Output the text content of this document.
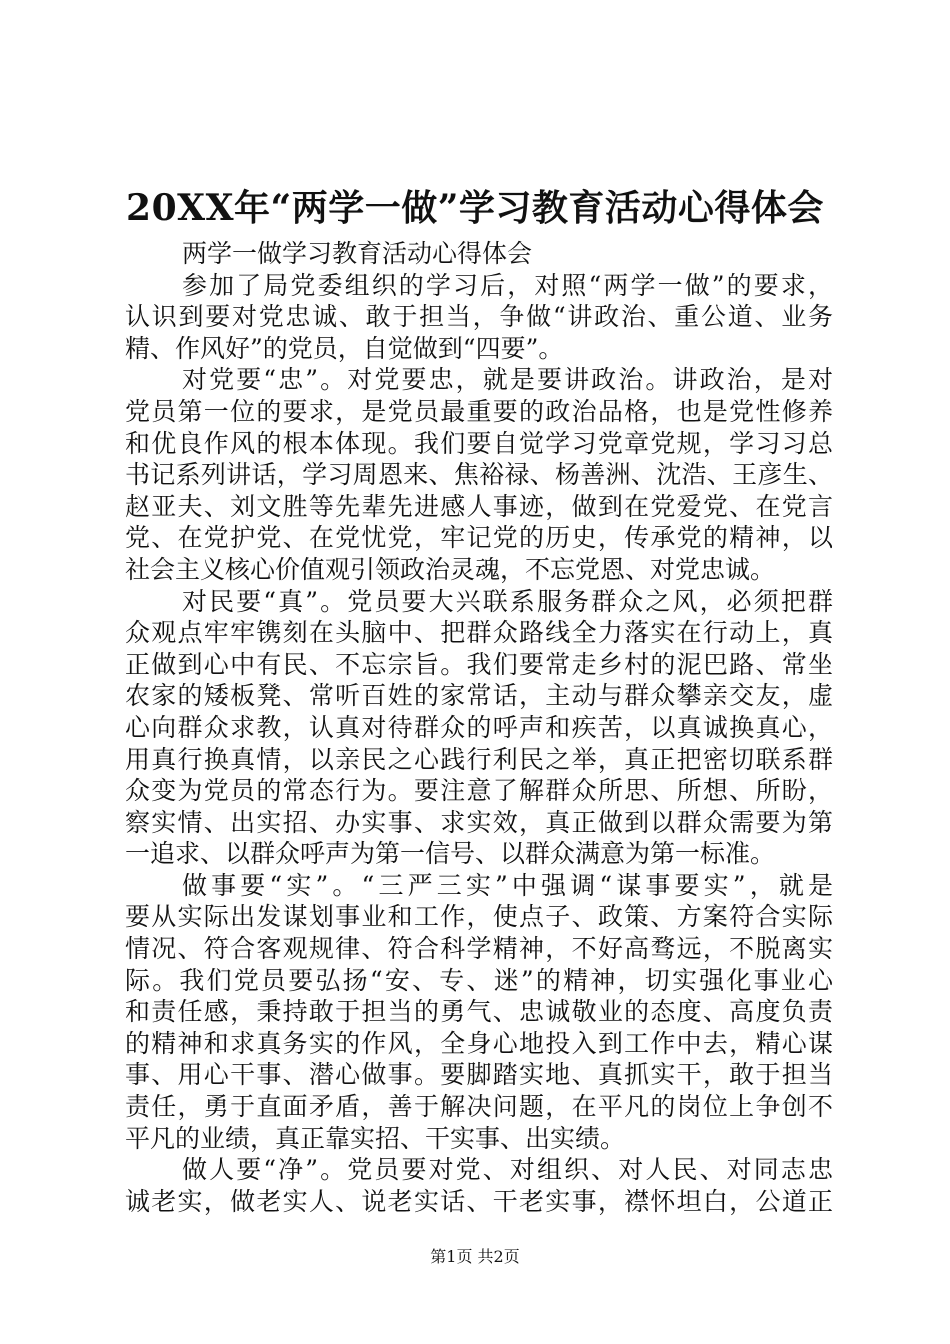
20XX年“两学一做”学习教育活动心得体会
两学一做学习教育活动心得体会
参加了局党委组织的学习后，对照“两学一做”的要求，
认识到要对党忠诚、敢于担当，争做“讲政治、重公道、业务
精、作风好”的党员，自觉做到“四要”。
对党要“忠”。对党要忠，就是要讲政治。讲政治，是对
党员第一位的要求，是党员最重要的政治品格，也是党性修养
和优良作风的根本体现。我们要自觉学习党章党规，学习习总
书记系列讲话，学习周恩来、焦裕禄、杨善洲、沈浩、王彦生、
赵亚夫、刘文胜等先辈先进感人事迹，做到在党爱党、在党言
党、在党护党、在党忧党，牢记党的历史，传承党的精神，以
社会主义核心价值观引领政治灵魂，不忘党恩、对党忠诚。
对民要“真”。党员要大兴联系服务群众之风，必须把群
众观点牢牢镌刻在头脑中、把群众路线全力落实在行动上，真
正做到心中有民、不忘宗旨。我们要常走乡村的泥巴路、常坐
农家的矮板凳、常听百姓的家常话，主动与群众攀亲交友，虚
心向群众求教，认真对待群众的呼声和疾苦，以真诚换真心，
用真行换真情，以亲民之心践行利民之举，真正把密切联系群
众变为党员的常态行为。要注意了解群众所思、所想、所盼，
察实情、出实招、办实事、求实效，真正做到以群众需要为第
一追求、以群众呼声为第一信号、以群众满意为第一标准。
做事要“实”。“三严三实”中强调“谋事要实”，就是
要从实际出发谋划事业和工作，使点子、政策、方案符合实际
情况、符合客观规律、符合科学精神，不好高骛远，不脱离实
际。我们党员要弘扬“安、专、迷”的精神，切实强化事业心
和责任感，秉持敢于担当的勇气、忠诚敬业的态度、高度负责
的精神和求真务实的作风，全身心地投入到工作中去，精心谋
事、用心干事、潜心做事。要脚踏实地、真抓实干，敢于担当
责任，勇于直面矛盾，善于解决问题，在平凡的岗位上争创不
平凡的业绩，真正靠实招、干实事、出实绩。
做人要“净”。党员要对党、对组织、对人民、对同志忠
诚老实，做老实人、说老实话、干老实事，襟怀坦白，公道正
第1页 共2页
